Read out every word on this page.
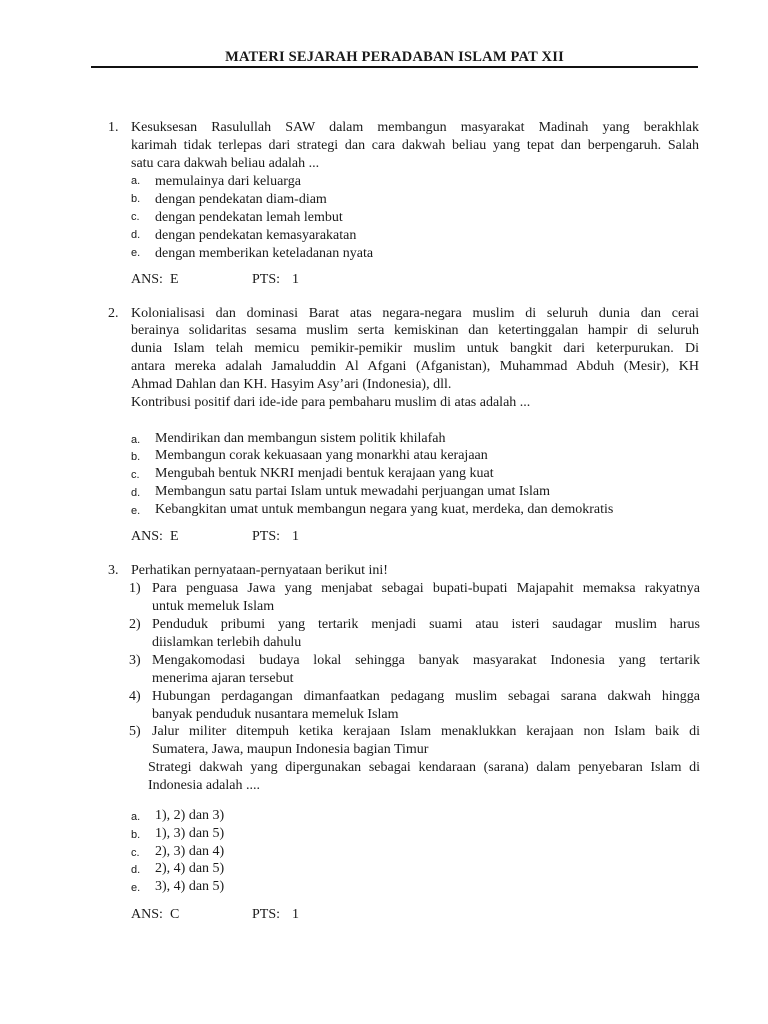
MATERI SEJARAH PERADABAN ISLAM PAT XII
1. Kesuksesan Rasulullah SAW dalam membangun masyarakat Madinah yang berakhlak
karimah tidak terlepas dari strategi dan cara dakwah beliau yang tepat dan berpengaruh. Salah
satu cara dakwah beliau adalah ...
a. memulainya dari keluarga
b. dengan pendekatan diam-diam
c. dengan pendekatan lemah lembut
d. dengan pendekatan kemasyarakatan
e. dengan memberikan keteladanan nyata
ANS: E	PTS: 1
2. Kolonialisasi dan dominasi Barat atas negara-negara muslim di seluruh dunia dan cerai
berainya solidaritas sesama muslim serta kemiskinan dan ketertinggalan hampir di seluruh
dunia Islam telah memicu pemikir-pemikir muslim untuk bangkit dari keterpurukan. Di
antara mereka adalah Jamaluddin Al Afgani (Afganistan), Muhammad Abduh (Mesir), KH
Ahmad Dahlan dan KH. Hasyim Asy’ari (Indonesia), dll.
Kontribusi positif dari ide-ide para pembaharu muslim di atas adalah ...
a. Mendirikan dan membangun sistem politik khilafah
b. Membangun corak kekuasaan yang monarkhi atau kerajaan
c. Mengubah bentuk NKRI menjadi bentuk kerajaan yang kuat
d. Membangun satu partai Islam untuk mewadahi perjuangan umat Islam
e. Kebangkitan umat untuk membangun negara yang kuat, merdeka, dan demokratis
ANS: E	PTS: 1
3. Perhatikan pernyataan-pernyataan berikut ini!
1) Para penguasa Jawa yang menjabat sebagai bupati-bupati Majapahit memaksa rakyatnya
untuk memeluk Islam
2) Penduduk pribumi yang tertarik menjadi suami atau isteri saudagar muslim harus
diislamkan terlebih dahulu
3) Mengakomodasi budaya lokal sehingga banyak masyarakat Indonesia yang tertarik
menerima ajaran tersebut
4) Hubungan perdagangan dimanfaatkan pedagang muslim sebagai sarana dakwah hingga
banyak penduduk nusantara memeluk Islam
5) Jalur militer ditempuh ketika kerajaan Islam menaklukkan kerajaan non Islam baik di
Sumatera, Jawa, maupun Indonesia bagian Timur
Strategi dakwah yang dipergunakan sebagai kendaraan (sarana) dalam penyebaran Islam di
Indonesia adalah ....
a. 1), 2) dan 3)
b. 1), 3) dan 5)
c. 2), 3) dan 4)
d. 2), 4) dan 5)
e. 3), 4) dan 5)
ANS: C	PTS: 1
